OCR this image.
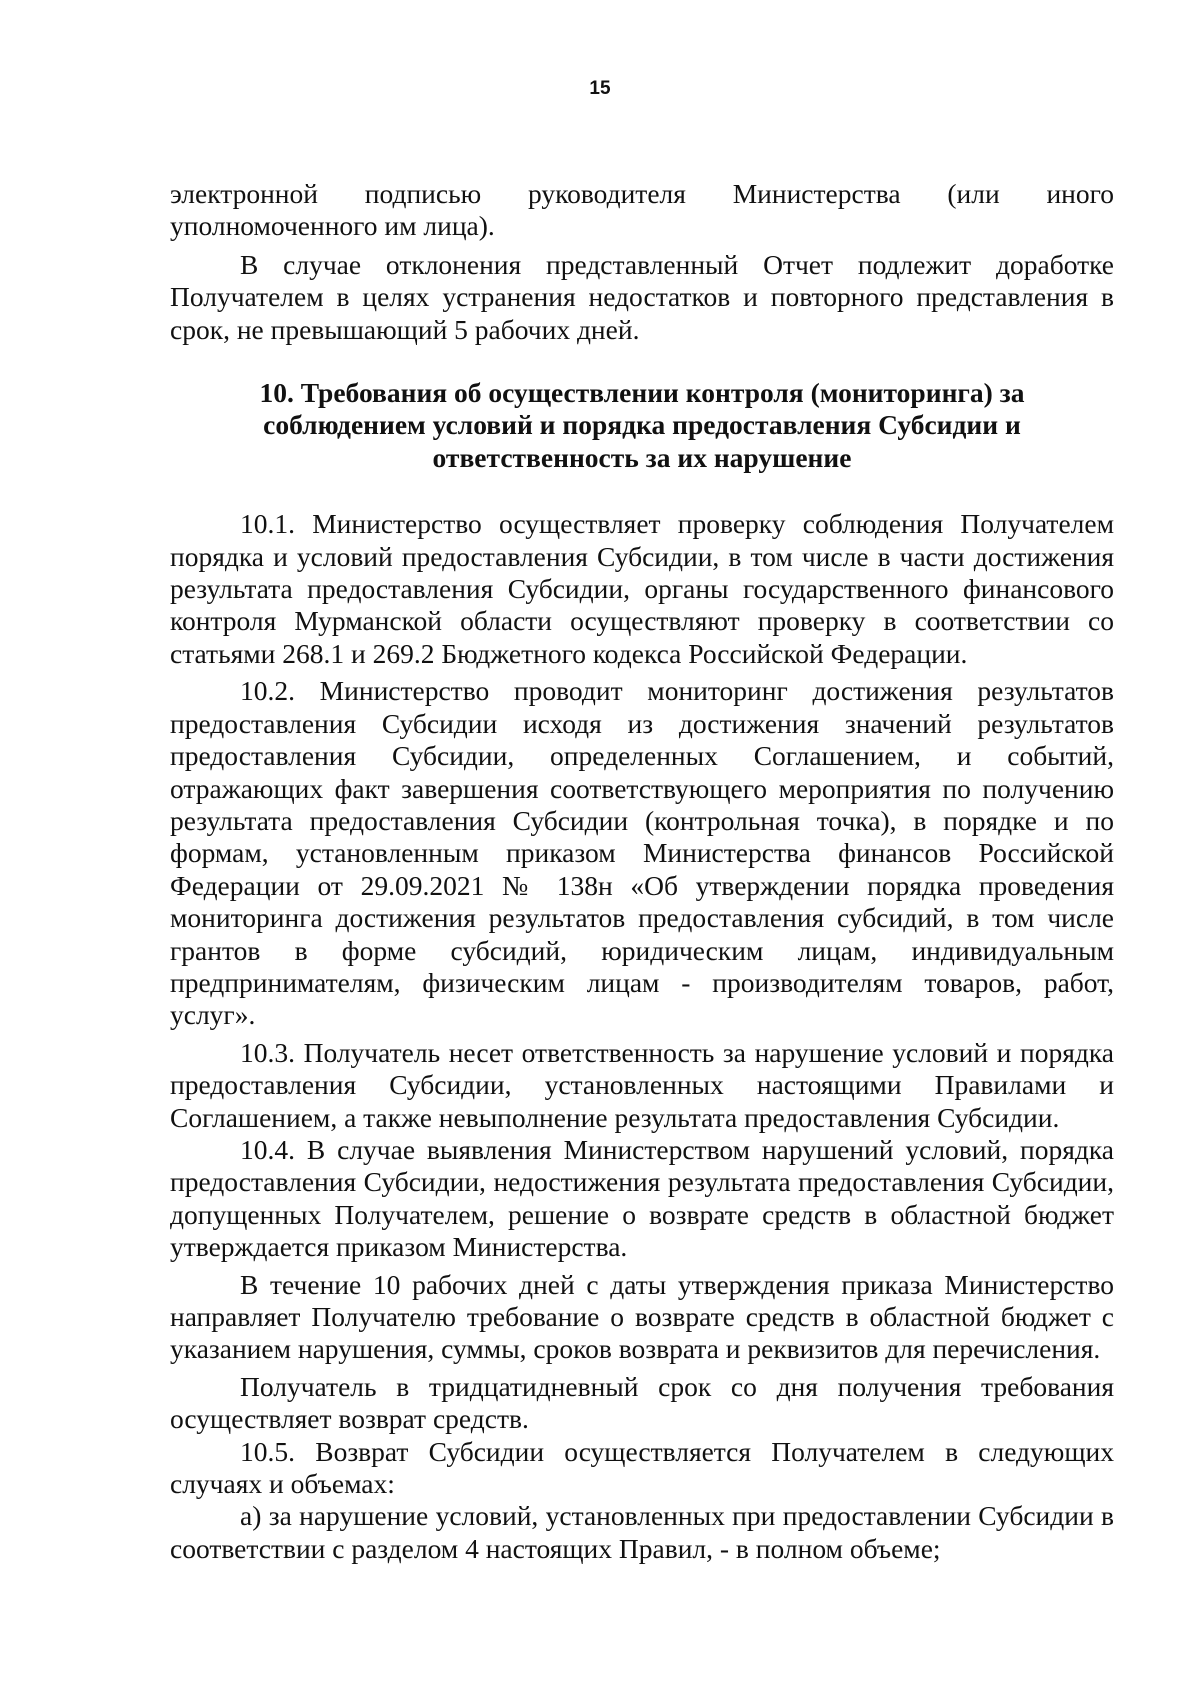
15

электронной подписью руководителя Министерства (или иного уполномоченного им лица).

В случае отклонения представленный Отчет подлежит доработке Получателем в целях устранения недостатков и повторного представления в срок, не превышающий 5 рабочих дней.

10. Требования об осуществлении контроля (мониторинга) за
соблюдением условий и порядка предоставления Субсидии и
ответственность за их нарушение

10.1. Министерство осуществляет проверку соблюдения Получателем порядка и условий предоставления Субсидии, в том числе в части достижения результата предоставления Субсидии, органы государственного финансового контроля Мурманской области осуществляют проверку в соответствии со статьями 268.1 и 269.2 Бюджетного кодекса Российской Федерации.

10.2. Министерство проводит мониторинг достижения результатов предоставления Субсидии исходя из достижения значений результатов предоставления Субсидии, определенных Соглашением, и событий, отражающих факт завершения соответствующего мероприятия по получению результата предоставления Субсидии (контрольная точка), в порядке и по формам, установленным приказом Министерства финансов Российской Федерации от 29.09.2021 № 138н «Об утверждении порядка проведения мониторинга достижения результатов предоставления субсидий, в том числе грантов в форме субсидий, юридическим лицам, индивидуальным предпринимателям, физическим лицам - производителям товаров, работ, услуг».

10.3. Получатель несет ответственность за нарушение условий и порядка предоставления Субсидии, установленных настоящими Правилами и Соглашением, а также невыполнение результата предоставления Субсидии.

10.4. В случае выявления Министерством нарушений условий, порядка предоставления Субсидии, недостижения результата предоставления Субсидии, допущенных Получателем, решение о возврате средств в областной бюджет утверждается приказом Министерства.

В течение 10 рабочих дней с даты утверждения приказа Министерство направляет Получателю требование о возврате средств в областной бюджет с указанием нарушения, суммы, сроков возврата и реквизитов для перечисления.

Получатель в тридцатидневный срок со дня получения требования осуществляет возврат средств.

10.5. Возврат Субсидии осуществляется Получателем в следующих случаях и объемах:

а) за нарушение условий, установленных при предоставлении Субсидии в соответствии с разделом 4 настоящих Правил, - в полном объеме;
